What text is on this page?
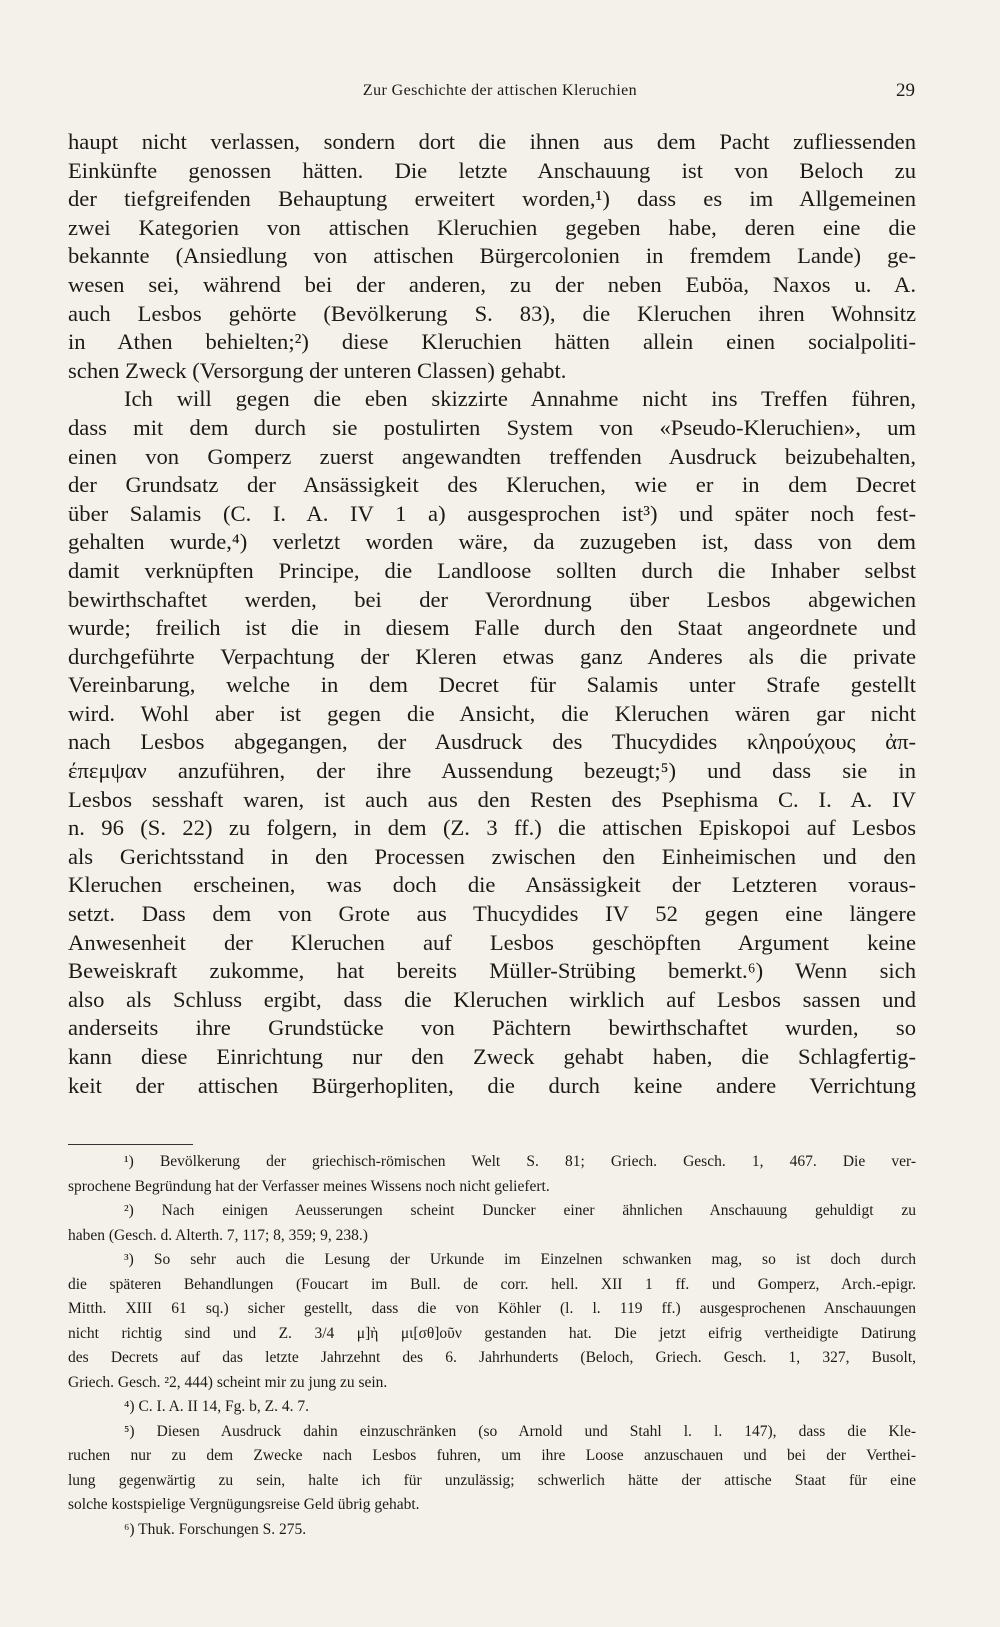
Zur Geschichte der attischen Kleruchien	29
haupt nicht verlassen, sondern dort die ihnen aus dem Pacht zufliessenden
Einkünfte genossen hätten. Die letzte Anschauung ist von Beloch zu
der tiefgreifenden Behauptung erweitert worden,¹) dass es im Allgemeinen
zwei Kategorien von attischen Kleruchien gegeben habe, deren eine die
bekannte (Ansiedlung von attischen Bürgercolonien in fremdem Lande) ge-
wesen sei, während bei der anderen, zu der neben Euböa, Naxos u. A.
auch Lesbos gehörte (Bevölkerung S. 83), die Kleruchen ihren Wohnsitz
in Athen behielten;²) diese Kleruchien hätten allein einen socialpoliti-
schen Zweck (Versorgung der unteren Classen) gehabt.
Ich will gegen die eben skizzirte Annahme nicht ins Treffen führen,
dass mit dem durch sie postulirten System von «Pseudo-Kleruchien», um
einen von Gomperz zuerst angewandten treffenden Ausdruck beizubehalten,
der Grundsatz der Ansässigkeit des Kleruchen, wie er in dem Decret
über Salamis (C. I. A. IV 1 a) ausgesprochen ist³) und später noch fest-
gehalten wurde,⁴) verletzt worden wäre, da zuzugeben ist, dass von dem
damit verknüpften Principe, die Landloose sollten durch die Inhaber selbst
bewirthschaftet werden, bei der Verordnung über Lesbos abgewichen
wurde; freilich ist die in diesem Falle durch den Staat angeordnete und
durchgeführte Verpachtung der Kleren etwas ganz Anderes als die private
Vereinbarung, welche in dem Decret für Salamis unter Strafe gestellt
wird. Wohl aber ist gegen die Ansicht, die Kleruchen wären gar nicht
nach Lesbos abgegangen, der Ausdruck des Thucydides κληρούχους ἀπ-
έπεμψαν anzuführen, der ihre Aussendung bezeugt;⁵) und dass sie in
Lesbos sesshaft waren, ist auch aus den Resten des Psephisma C. I. A. IV
n. 96 (S. 22) zu folgern, in dem (Z. 3 ff.) die attischen Episkopoi auf Lesbos
als Gerichtsstand in den Processen zwischen den Einheimischen und den
Kleruchen erscheinen, was doch die Ansässigkeit der Letzteren voraus-
setzt. Dass dem von Grote aus Thucydides IV 52 gegen eine längere
Anwesenheit der Kleruchen auf Lesbos geschöpften Argument keine
Beweiskraft zukomme, hat bereits Müller-Strübing bemerkt.⁶) Wenn sich
also als Schluss ergibt, dass die Kleruchen wirklich auf Lesbos sassen und
anderseits ihre Grundstücke von Pächtern bewirthschaftet wurden, so
kann diese Einrichtung nur den Zweck gehabt haben, die Schlagfertig-
keit der attischen Bürgerhopliten, die durch keine andere Verrichtung
¹) Bevölkerung der griechisch-römischen Welt S. 81; Griech. Gesch. 1, 467. Die ver-
sprochene Begründung hat der Verfasser meines Wissens noch nicht geliefert.
²) Nach einigen Aeusserungen scheint Duncker einer ähnlichen Anschauung gehuldigt zu
haben (Gesch. d. Alterth. 7, 117; 8, 359; 9, 238.)
³) So sehr auch die Lesung der Urkunde im Einzelnen schwanken mag, so ist doch durch
die späteren Behandlungen (Foucart im Bull. de corr. hell. XII 1 ff. und Gomperz, Arch.-epigr.
Mitth. XIII 61 sq.) sicher gestellt, dass die von Köhler (l. l. 119 ff.) ausgesprochenen Anschauungen
nicht richtig sind und Z. 3/4 μ]ὴ μι[σθ]οῦν gestanden hat. Die jetzt eifrig vertheidigte Datirung
des Decrets auf das letzte Jahrzehnt des 6. Jahrhunderts (Beloch, Griech. Gesch. 1, 327, Busolt,
Griech. Gesch. ²2, 444) scheint mir zu jung zu sein.
⁴) C. I. A. II 14, Fg. b, Z. 4. 7.
⁵) Diesen Ausdruck dahin einzuschränken (so Arnold und Stahl l. l. 147), dass die Kle-
ruchen nur zu dem Zwecke nach Lesbos fuhren, um ihre Loose anzuschauen und bei der Verthei-
lung gegenwärtig zu sein, halte ich für unzulässig; schwerlich hätte der attische Staat für eine
solche kostspielige Vergnügungsreise Geld übrig gehabt.
⁶) Thuk. Forschungen S. 275.
